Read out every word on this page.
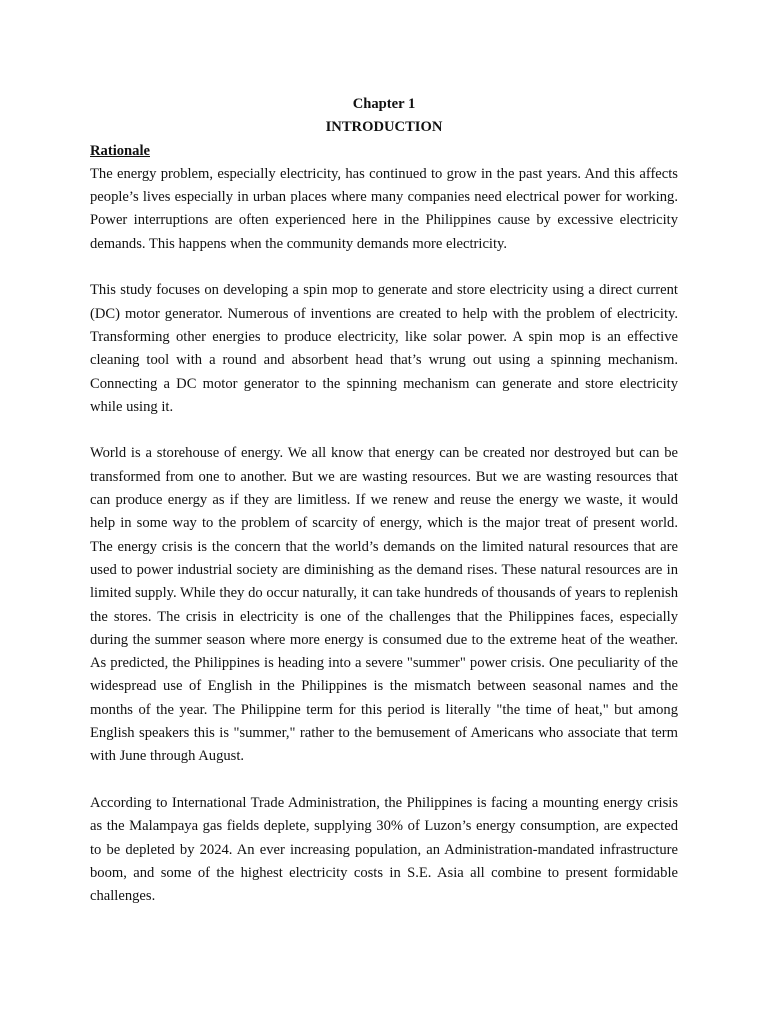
Chapter 1

INTRODUCTION

Rationale

The energy problem, especially electricity, has continued to grow in the past years. And this affects people’s lives especially in urban places where many companies need electrical power for working. Power interruptions are often experienced here in the Philippines cause by excessive electricity demands. This happens when the community demands more electricity.

This study focuses on developing a spin mop to generate and store electricity using a direct current (DC) motor generator. Numerous of inventions are created to help with the problem of electricity. Transforming other energies to produce electricity, like solar power. A spin mop is an effective cleaning tool with a round and absorbent head that’s wrung out using a spinning mechanism. Connecting a DC motor generator to the spinning mechanism can generate and store electricity while using it.

World is a storehouse of energy. We all know that energy can be created nor destroyed but can be transformed from one to another. But we are wasting resources. But we are wasting resources that can produce energy as if they are limitless. If we renew and reuse the energy we waste, it would help in some way to the problem of scarcity of energy, which is the major treat of present world. The energy crisis is the concern that the world’s demands on the limited natural resources that are used to power industrial society are diminishing as the demand rises. These natural resources are in limited supply. While they do occur naturally, it can take hundreds of thousands of years to replenish the stores. The crisis in electricity is one of the challenges that the Philippines faces, especially during the summer season where more energy is consumed due to the extreme heat of the weather. As predicted, the Philippines is heading into a severe "summer" power crisis. One peculiarity of the widespread use of English in the Philippines is the mismatch between seasonal names and the months of the year. The Philippine term for this period is literally "the time of heat," but among English speakers this is "summer," rather to the bemusement of Americans who associate that term with June through August.

According to International Trade Administration, the Philippines is facing a mounting energy crisis as the Malampaya gas fields deplete, supplying 30% of Luzon’s energy consumption, are expected to be depleted by 2024. An ever increasing population, an Administration-mandated infrastructure boom, and some of the highest electricity costs in S.E. Asia all combine to present formidable challenges.
